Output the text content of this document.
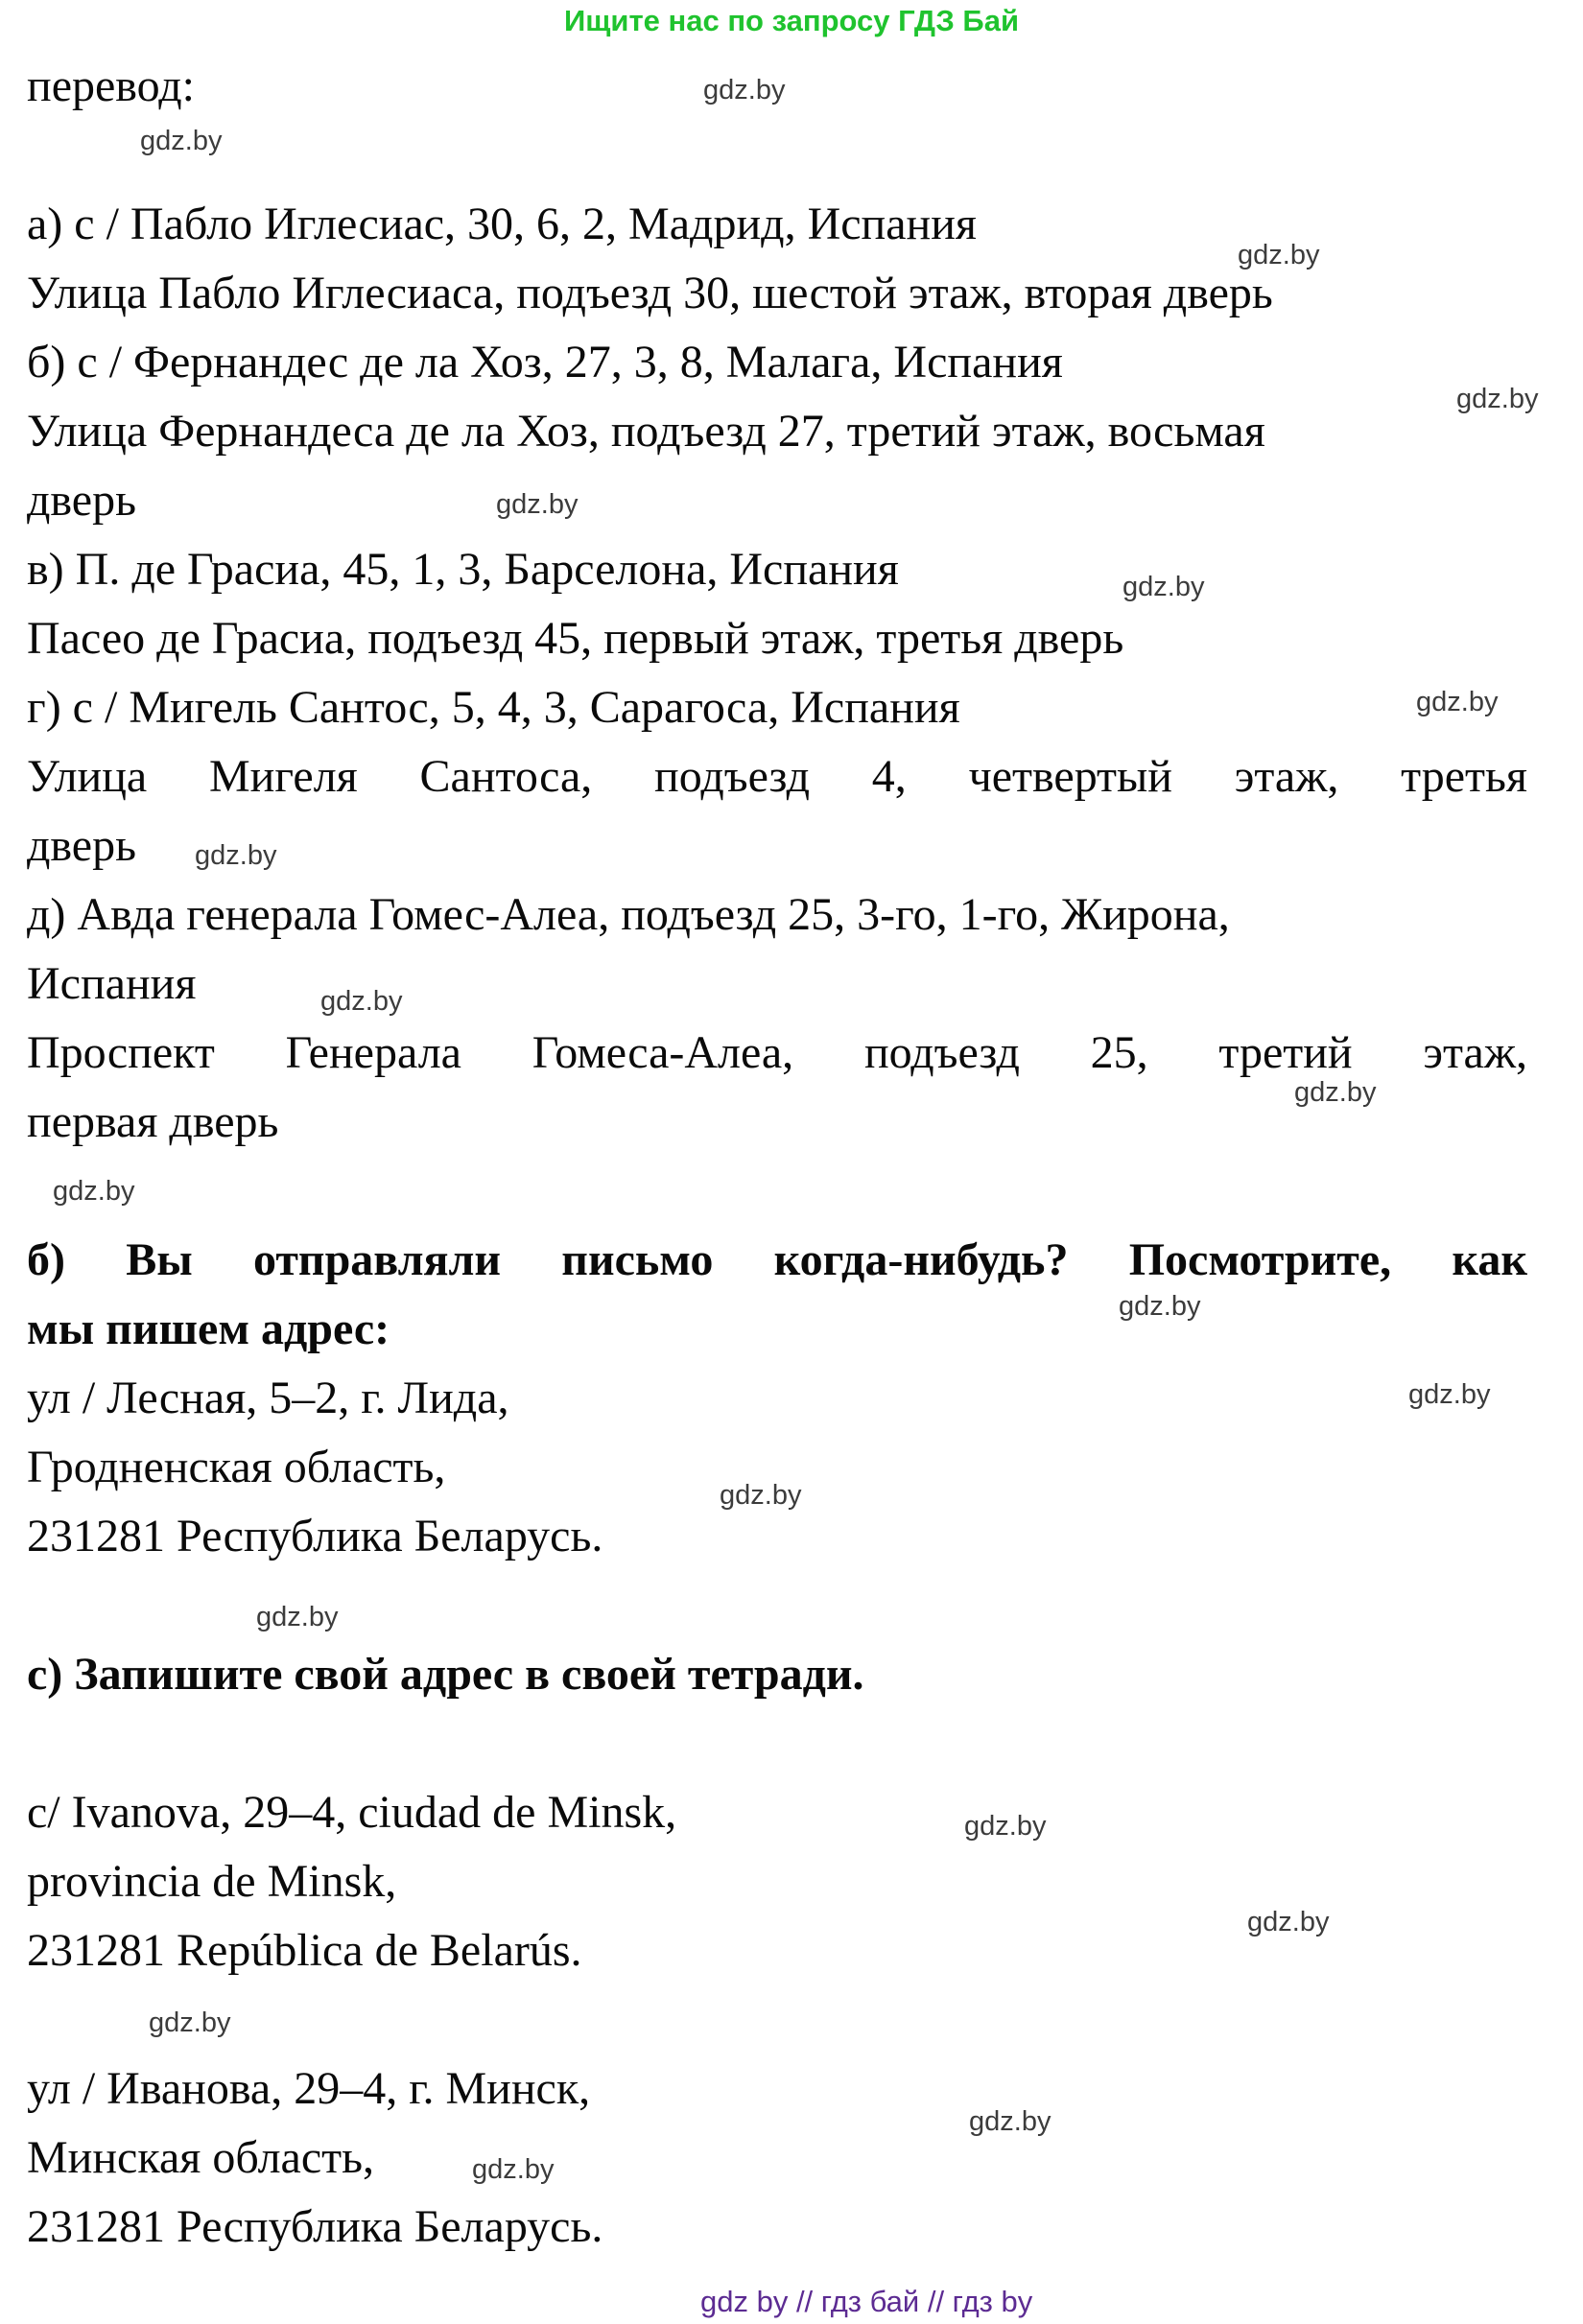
Ищите нас по запросу ГДЗ Бай

перевод:

а) с / Пабло Иглесиас, 30, 6, 2, Мадрид, Испания

Улица Пабло Иглесиаса, подъезд 30, шестой этаж, вторая дверь

б) с / Фернандес де ла Хоз, 27, 3, 8, Малага, Испания

Улица Фернандеса де ла Хоз, подъезд 27, третий этаж, восьмая

дверь

в) П. де Грасиа, 45, 1, 3, Барселона, Испания

Пасео де Грасиа, подъезд 45, первый этаж, третья дверь

г) с / Мигель Сантос, 5, 4, 3, Сарагоса, Испания

Улица Мигеля Сантоса, подъезд 4, четвертый этаж, третья

дверь

д) Авда генерала Гомес-Алеа, подъезд 25, 3-го, 1-го, Жирона,

Испания

Проспект Генерала Гомеса-Алеа, подъезд 25, третий этаж,

первая дверь

б) Вы отправляли письмо когда-нибудь? Посмотрите, как

мы пишем адрес:

ул / Лесная, 5–2, г. Лида,

Гродненская область,

231281 Республика Беларусь.

с) Запишите свой адрес в своей тетради.

c/ Ivanova, 29–4, ciudad de Minsk,

provincia de Minsk,

231281 República de Belarús.

ул / Иванова, 29–4, г. Минск,

Минская область,

231281 Республика Беларусь.

gdz.by
gdz.by
gdz.by
gdz.by
gdz.by
gdz.by
gdz.by
gdz.by
gdz.by
gdz.by
gdz.by
gdz.by
gdz.by
gdz.by
gdz.by
gdz.by
gdz.by
gdz.by
gdz.by
gdz.by
gdz by // гдз бай // гдз by
